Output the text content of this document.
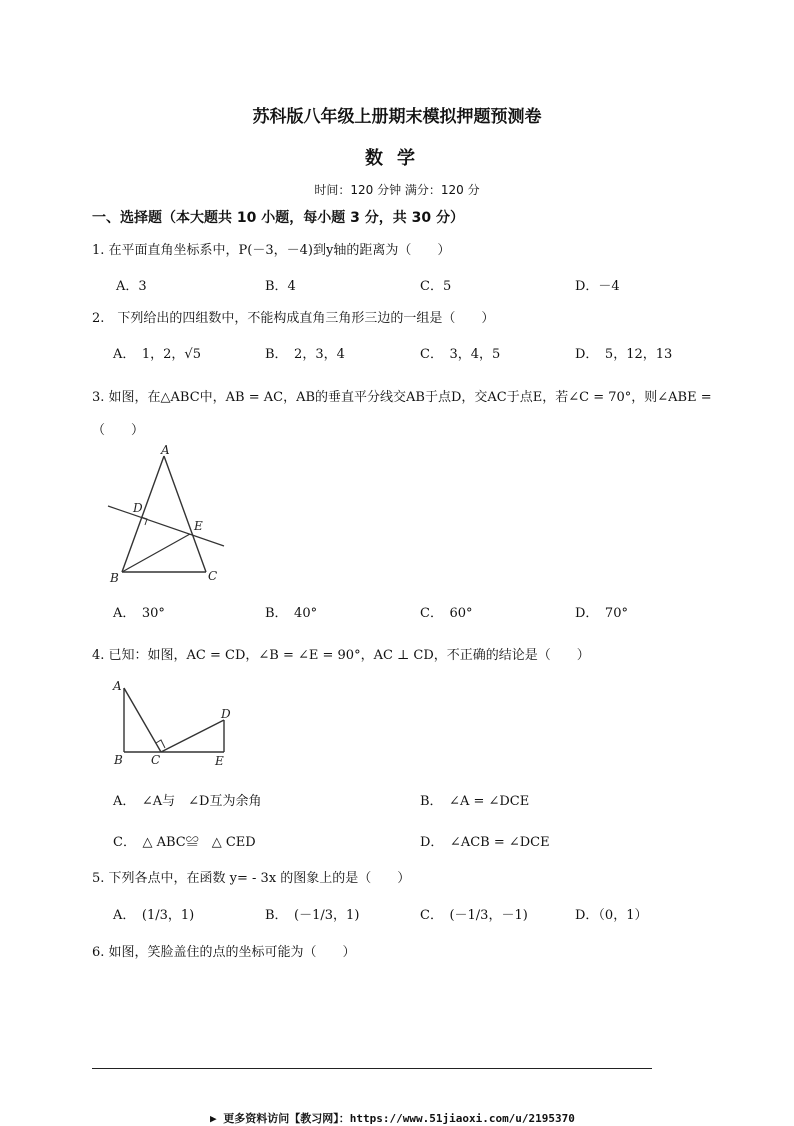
苏科版八年级上册期末模拟押题预测卷
数学
时间：120 分钟 满分：120 分
一、选择题（本大题共 10 小题，每小题 3 分，共 30 分）
1. 在平面直角坐标系中，P(－3，－4)到y轴的距离为（　　）
A．3	B．4	C．5	D．－4
2.　下列给出的四组数中，不能构成直角三角形三边的一组是（　　）
A．　1，2，√5	B．　2，3，4	C．　3，4，5	D．　5，12，13
3. 如图，在△ABC中，AB = AC，AB的垂直平分线交AB于点D，交AC于点E，若∠C = 70°，则∠ABE =
（　　）
A
D
E
B	C
A．　30°	B．　40°	C．　60°	D．　70°
4. 已知：如图，AC = CD，∠B = ∠E = 90°，AC ⊥ CD，不正确的结论是（　　）
A
D
B C	E
A．　∠A与　∠D互为余角	B．　∠A = ∠DCE
C．　△ ABC≌　△ CED	D．　∠ACB = ∠DCE
5. 下列各点中，在函数 y= - 3x 的图象上的是（　　）
A．　(1/3，1)	B．　(－1/3，1)	C．　(－1/3，－1)	D．（0，1）
6. 如图，笑脸盖住的点的坐标可能为（　　）
▶ 更多资料访问【教习网】：https://www.51jiaoxi.com/u/2195370
